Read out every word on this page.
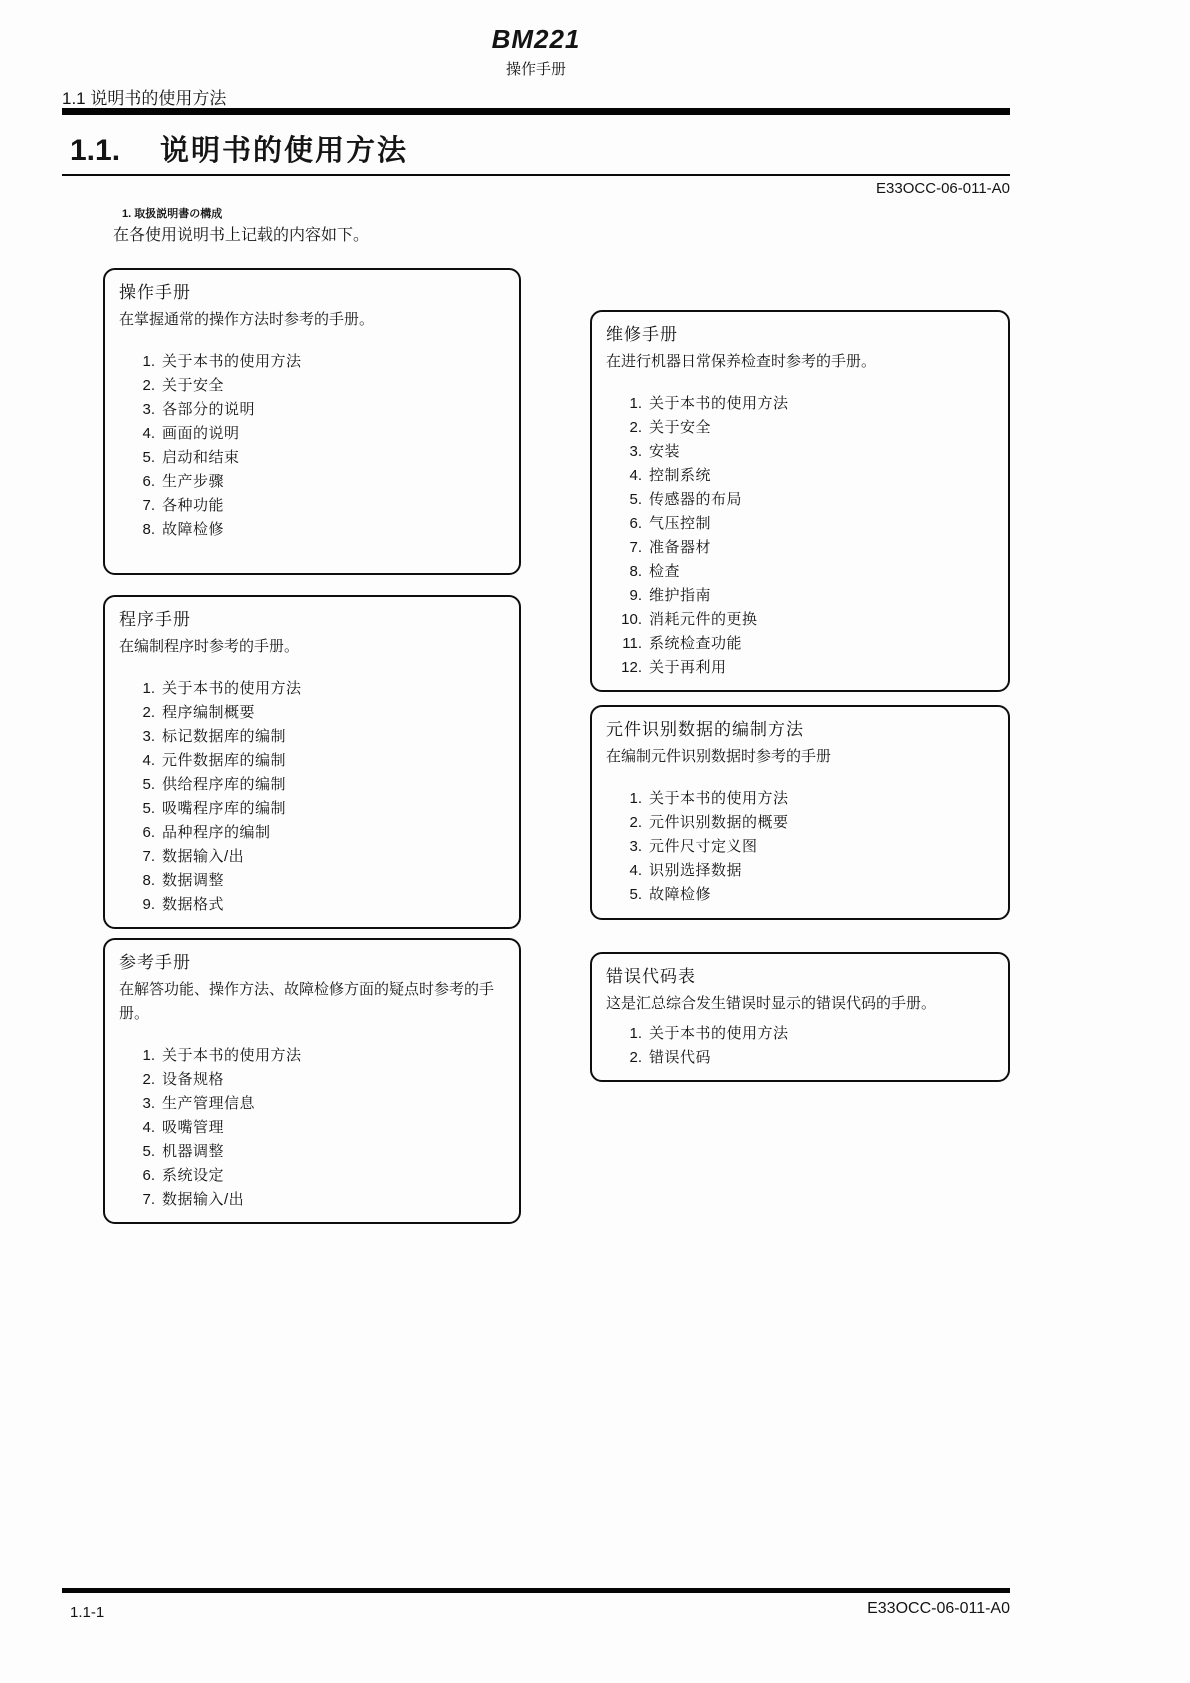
BM221
操作手册
1.1 说明书的使用方法
1.1. 说明书的使用方法
E33OCC-06-011-A0
1. 取扱説明書の構成
在各使用说明书上记载的内容如下。
操作手册
在掌握通常的操作方法时参考的手册。
1. 关于本书的使用方法
2. 关于安全
3. 各部分的说明
4. 画面的说明
5. 启动和结束
6. 生产步骤
7. 各种功能
8. 故障检修
程序手册
在编制程序时参考的手册。
1. 关于本书的使用方法
2. 程序编制概要
3. 标记数据库的编制
4. 元件数据库的编制
5. 供给程序库的编制
5. 吸嘴程序库的编制
6. 品种程序的编制
7. 数据输入/出
8. 数据调整
9. 数据格式
参考手册
在解答功能、操作方法、故障检修方面的疑点时参考的手册。
1. 关于本书的使用方法
2. 设备规格
3. 生产管理信息
4. 吸嘴管理
5. 机器调整
6. 系统设定
7. 数据输入/出
维修手册
在进行机器日常保养检查时参考的手册。
1. 关于本书的使用方法
2. 关于安全
3. 安装
4. 控制系统
5. 传感器的布局
6. 气压控制
7. 准备器材
8. 检查
9. 维护指南
10. 消耗元件的更换
11. 系统检查功能
12. 关于再利用
元件识别数据的编制方法
在编制元件识别数据时参考的手册
1. 关于本书的使用方法
2. 元件识别数据的概要
3. 元件尺寸定义图
4. 识别选择数据
5. 故障检修
错误代码表
这是汇总综合发生错误时显示的错误代码的手册。
1. 关于本书的使用方法
2. 错误代码
1.1-1	E33OCC-06-011-A0
